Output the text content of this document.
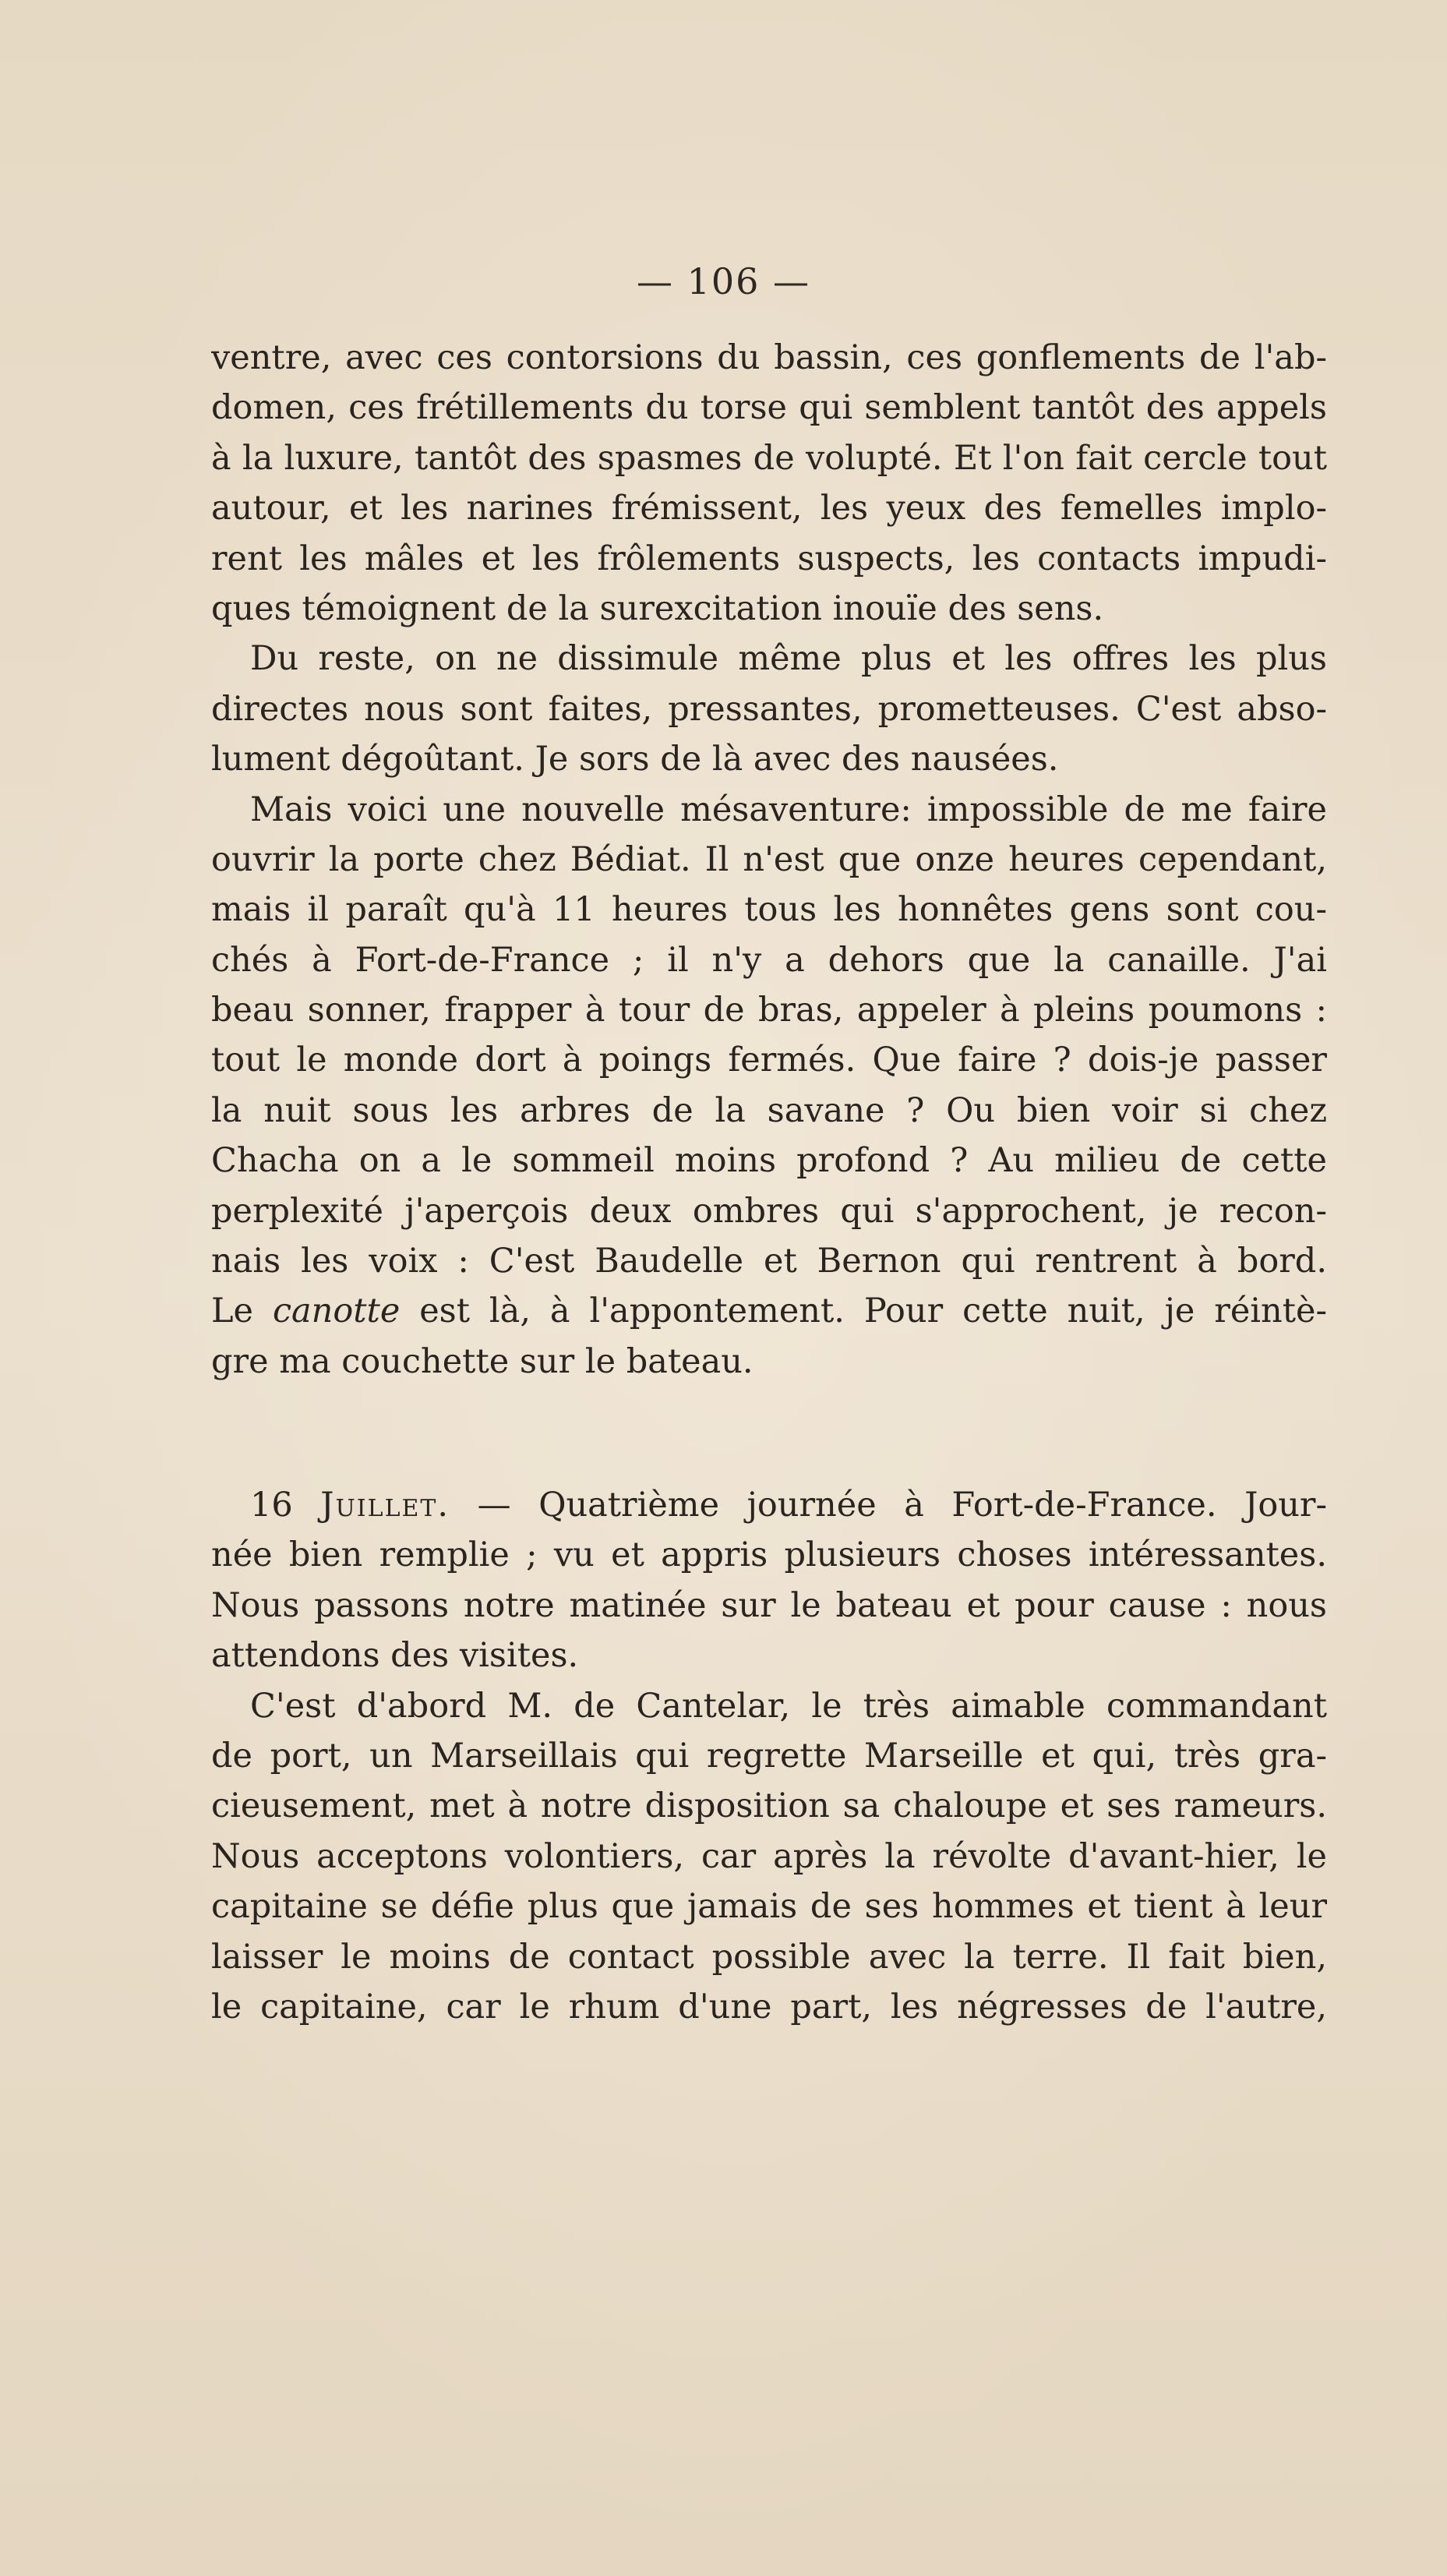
— 106 —
ventre, avec ces contorsions du bassin, ces gonflements de l'ab-
domen, ces frétillements du torse qui semblent tantôt des appels
à la luxure, tantôt des spasmes de volupté. Et l'on fait cercle tout
autour, et les narines frémissent, les yeux des femelles implo-
rent les mâles et les frôlements suspects, les contacts impudi-
ques témoignent de la surexcitation inouïe des sens.
Du reste, on ne dissimule même plus et les offres les plus
directes nous sont faites, pressantes, prometteuses. C'est abso-
lument dégoûtant. Je sors de là avec des nausées.
Mais voici une nouvelle mésaventure: impossible de me faire
ouvrir la porte chez Bédiat. Il n'est que onze heures cependant,
mais il paraît qu'à 11 heures tous les honnêtes gens sont cou-
chés à Fort-de-France ; il n'y a dehors que la canaille. J'ai
beau sonner, frapper à tour de bras, appeler à pleins poumons :
tout le monde dort à poings fermés. Que faire ? dois-je passer
la nuit sous les arbres de la savane ? Ou bien voir si chez
Chacha on a le sommeil moins profond ? Au milieu de cette
perplexité j'aperçois deux ombres qui s'approchent, je recon-
nais les voix : C'est Baudelle et Bernon qui rentrent à bord.
Le canotte est là, à l'appontement. Pour cette nuit, je réintè-
gre ma couchette sur le bateau.
16 Juillet. — Quatrième journée à Fort-de-France. Jour-
née bien remplie ; vu et appris plusieurs choses intéressantes.
Nous passons notre matinée sur le bateau et pour cause : nous
attendons des visites.
C'est d'abord M. de Cantelar, le très aimable commandant
de port, un Marseillais qui regrette Marseille et qui, très gra-
cieusement, met à notre disposition sa chaloupe et ses rameurs.
Nous acceptons volontiers, car après la révolte d'avant-hier, le
capitaine se défie plus que jamais de ses hommes et tient à leur
laisser le moins de contact possible avec la terre. Il fait bien,
le capitaine, car le rhum d'une part, les négresses de l'autre,
